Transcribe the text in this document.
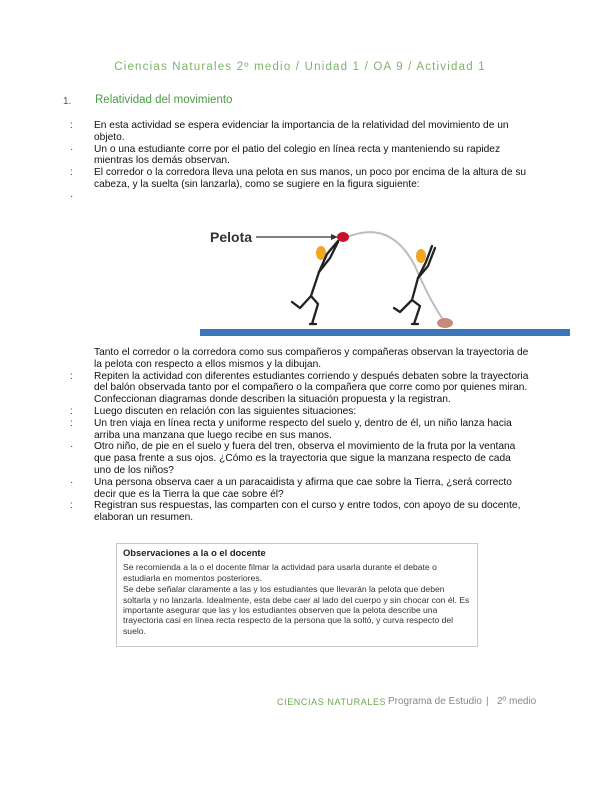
Ciencias Naturales 2º medio / Unidad 1 / OA 9 / Actividad 1
1. Relatividad del movimiento

:	En esta actividad se espera evidenciar la importancia de la relatividad del movimiento de un objeto.

·	Un o una estudiante corre por el patio del colegio en línea recta y manteniendo su rapidez mientras los demás observan.

:	El corredor o la corredora lleva una pelota en sus manos, un poco por encima de la altura de su cabeza, y la suelta (sin lanzarla), como se sugiere en la figura siguiente:

·

Pelota

Tanto el corredor o la corredora como sus compañeros y compañeras observan la trayectoria de la pelota con respecto a ellos mismos y la dibujan.

:	Repiten la actividad con diferentes estudiantes corriendo y después debaten sobre la trayectoria del balón observada tanto por el compañero o la compañera que corre como por quienes miran. Confeccionan diagramas donde describen la situación propuesta y la registran.

:	Luego discuten en relación con las siguientes situaciones:

:	Un tren viaja en línea recta y uniforme respecto del suelo y, dentro de él, un niño lanza hacia arriba una manzana que luego recibe en sus manos.

·	Otro niño, de pie en el suelo y fuera del tren, observa el movimiento de la fruta por la ventana que pasa frente a sus ojos. ¿Cómo es la trayectoria que sigue la manzana respecto de cada uno de los niños?

·	Una persona observa caer a un paracaidista y afirma que cae sobre la Tierra, ¿será correcto decir que es la Tierra la que cae sobre él?

:	Registran sus respuestas, las comparten con el curso y entre todos, con apoyo de su docente, elaboran un resumen.

Observaciones a la o el docente

Se recomienda a la o el docente filmar la actividad para usarla durante el debate o estudiarla en momentos posteriores.

Se debe señalar claramente a las y los estudiantes que llevarán la pelota que deben soltarla y no lanzarla. Idealmente, esta debe caer al lado del cuerpo y sin chocar con él. Es importante asegurar que las y los estudiantes observen que la pelota describe una trayectoria casi en línea recta respecto de la persona que la soltó, y curva respecto del suelo.

CIENCIAS NATURALES Programa de Estudio | 2º medio
